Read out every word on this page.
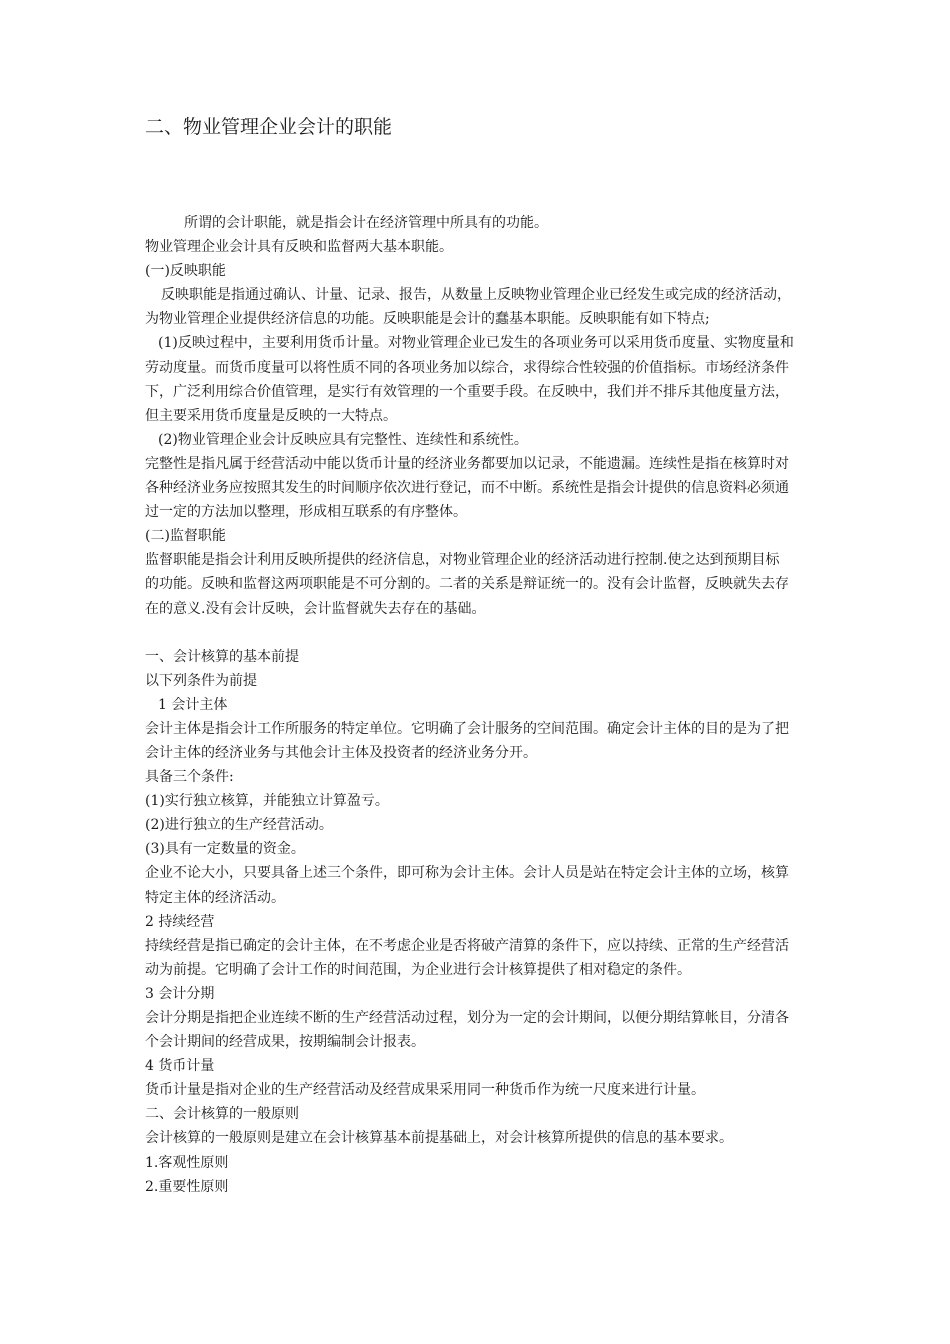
二、物业管理企业会计的职能
所谓的会计职能，就是指会计在经济管理中所具有的功能。
物业管理企业会计具有反映和监督两大基本职能。
(一)反映职能
反映职能是指通过确认、计量、记录、报告，从数量上反映物业管理企业已经发生或完成的经济活动，
为物业管理企业提供经济信息的功能。反映职能是会计的蠢基本职能。反映职能有如下特点;
(1)反映过程中，主要利用货币计量。对物业管理企业已发生的各项业务可以采用货币度量、实物度量和
劳动度量。而货币度量可以将性质不同的各项业务加以综合，求得综合性较强的价值指标。市场经济条件
下，广泛利用综合价值管理，是实行有效管理的一个重要手段。在反映中，我们并不排斥其他度量方法，
但主要采用货币度量是反映的一大特点。
(2)物业管理企业会计反映应具有完整性、连续性和系统性。
完整性是指凡属于经营活动中能以货币计量的经济业务都要加以记录，不能遗漏。连续性是指在核算时对
各种经济业务应按照其发生的时间顺序依次进行登记，而不中断。系统性是指会计提供的信息资料必须通
过一定的方法加以整理，形成相互联系的有序整体。
(二)监督职能
监督职能是指会计利用反映所提供的经济信息，对物业管理企业的经济活动进行控制.使之达到预期目标
的功能。反映和监督这两项职能是不可分割的。二者的关系是辩证统一的。没有会计监督，反映就失去存
在的意义.没有会计反映，会计监督就失去存在的基础。
一、会计核算的基本前提
以下列条件为前提
1 会计主体
会计主体是指会计工作所服务的特定单位。它明确了会计服务的空间范围。确定会计主体的目的是为了把
会计主体的经济业务与其他会计主体及投资者的经济业务分开。
具备三个条件:
(1)实行独立核算，并能独立计算盈亏。
(2)进行独立的生产经营活动。
(3)具有一定数量的资金。
企业不论大小，只要具备上述三个条件，即可称为会计主体。会计人员是站在特定会计主体的立场，核算
特定主体的经济活动。
2 持续经营
持续经营是指已确定的会计主体，在不考虑企业是否将破产清算的条件下，应以持续、正常的生产经营活
动为前提。它明确了会计工作的时间范围，为企业进行会计核算提供了相对稳定的条件。
3 会计分期
会计分期是指把企业连续不断的生产经营活动过程，划分为一定的会计期间，以便分期结算帐目，分清各
个会计期间的经营成果，按期编制会计报表。
4 货币计量
货币计量是指对企业的生产经营活动及经营成果采用同一种货币作为统一尺度来进行计量。
二、会计核算的一般原则
会计核算的一般原则是建立在会计核算基本前提基础上，对会计核算所提供的信息的基本要求。
1.客观性原则
2.重要性原则
